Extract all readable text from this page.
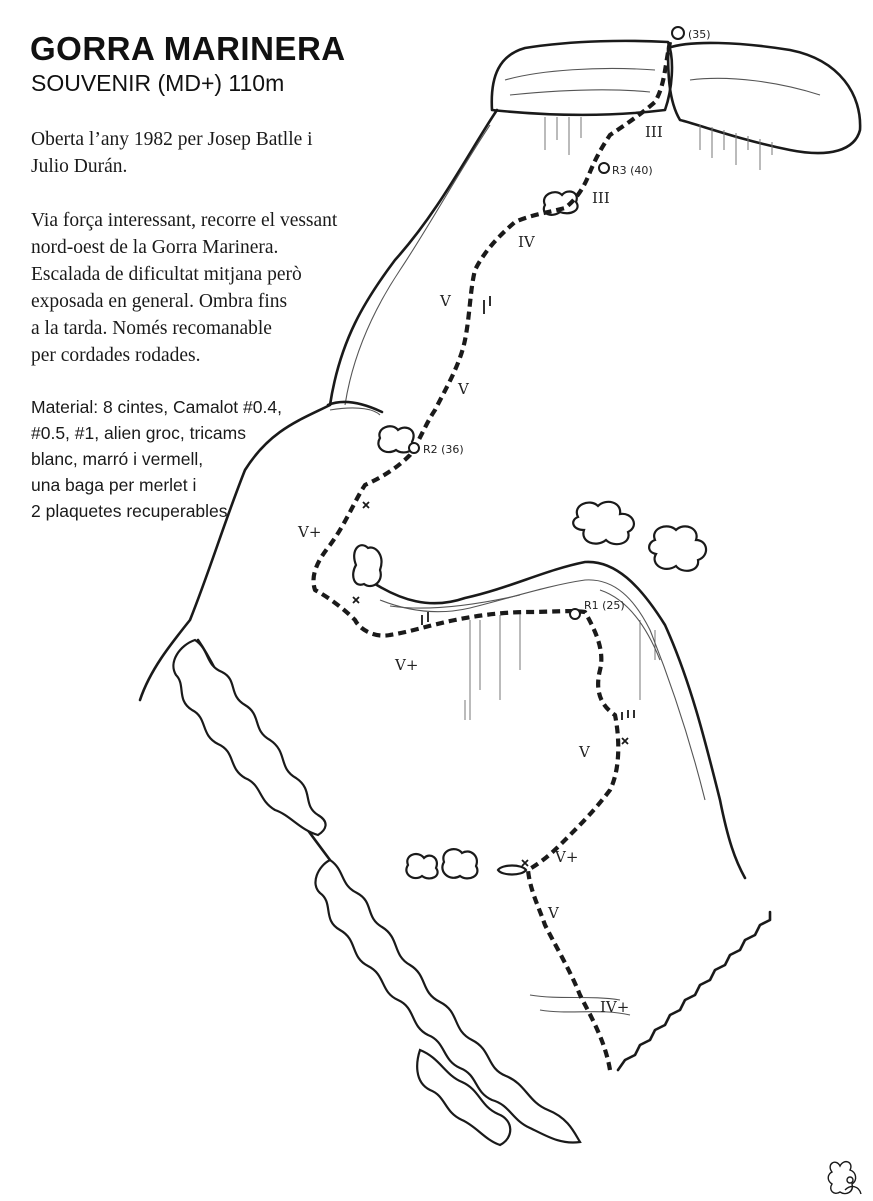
(35)
R3 (40)
R2 (36)
R1 (25)
III
III
IV
V
V
V+
V+
V
V+
V
IV+
GORRA MARINERA
SOUVENIR (MD+) 110m
Oberta l’any 1982 per Josep Batlle i
Julio Durán.
Via força interessant, recorre el vessant
nord-oest de la Gorra Marinera.
Escalada de dificultat mitjana però
exposada en general. Ombra fins
a la tarda. Només recomanable
per cordades rodades.
Material: 8 cintes, Camalot #0.4,
#0.5, #1, alien groc, tricams
blanc, marró i vermell,
una baga per merlet i
2 plaquetes recuperables
